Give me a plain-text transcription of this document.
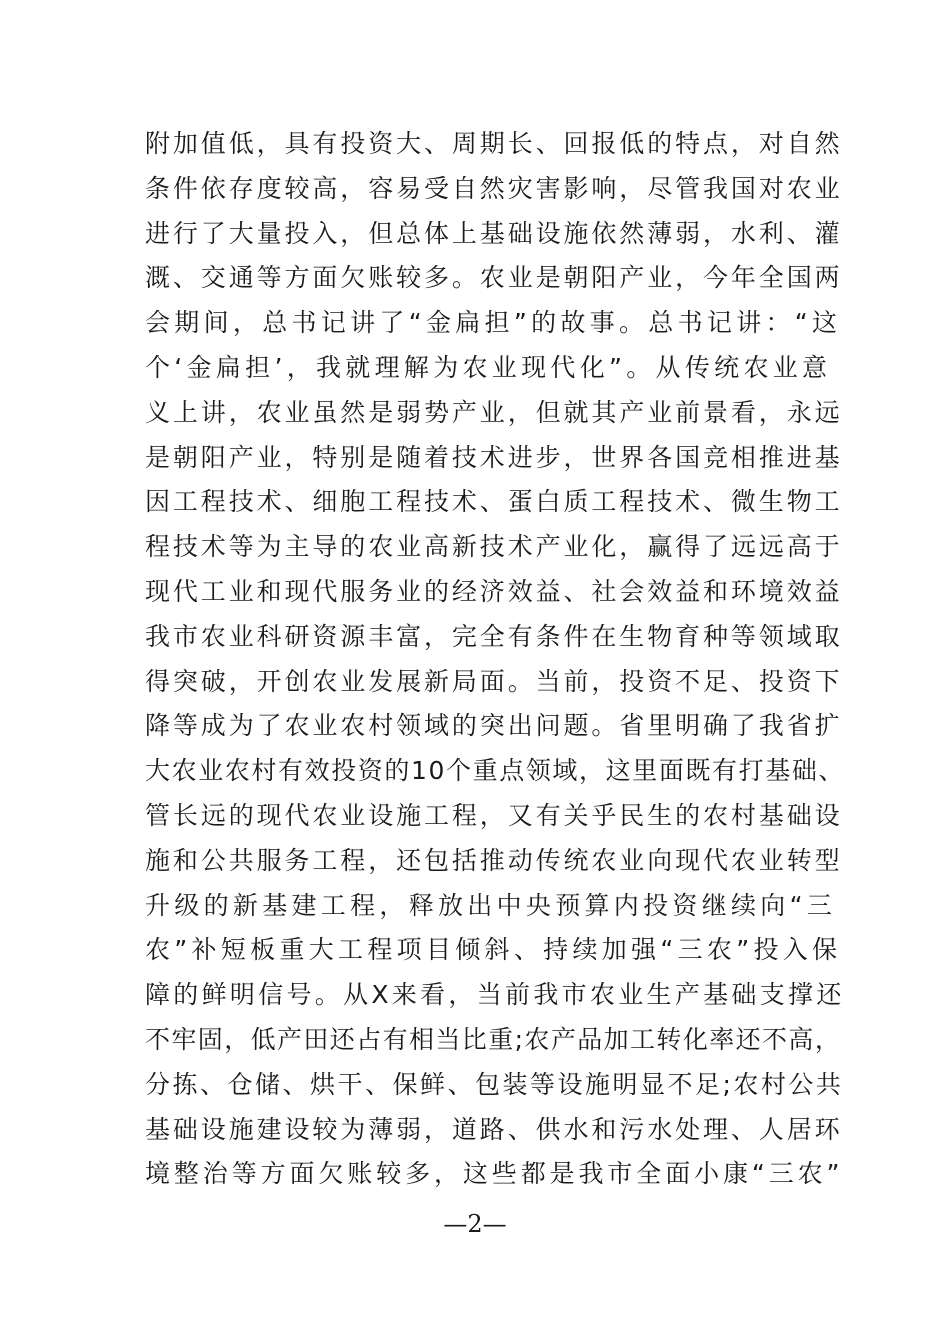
附加值低，具有投资大、周期长、回报低的特点，对自然
条件依存度较高，容易受自然灾害影响，尽管我国对农业
进行了大量投入，但总体上基础设施依然薄弱，水利、灌
溉、交通等方面欠账较多。农业是朝阳产业，今年全国两
会期间，总书记讲了“金扁担”的故事。总书记讲：“这
个‘金扁担’，我就理解为农业现代化”。从传统农业意
义上讲，农业虽然是弱势产业，但就其产业前景看，永远
是朝阳产业，特别是随着技术进步，世界各国竞相推进基
因工程技术、细胞工程技术、蛋白质工程技术、微生物工
程技术等为主导的农业高新技术产业化，赢得了远远高于
现代工业和现代服务业的经济效益、社会效益和环境效益
我市农业科研资源丰富，完全有条件在生物育种等领域取
得突破，开创农业发展新局面。当前，投资不足、投资下
降等成为了农业农村领域的突出问题。省里明确了我省扩
大农业农村有效投资的10个重点领域，这里面既有打基础、
管长远的现代农业设施工程，又有关乎民生的农村基础设
施和公共服务工程，还包括推动传统农业向现代农业转型
升级的新基建工程，释放出中央预算内投资继续向“三
农”补短板重大工程项目倾斜、持续加强“三农”投入保
障的鲜明信号。从X来看，当前我市农业生产基础支撑还
不牢固，低产田还占有相当比重;农产品加工转化率还不高，
分拣、仓储、烘干、保鲜、包装等设施明显不足;农村公共
基础设施建设较为薄弱，道路、供水和污水处理、人居环
境整治等方面欠账较多，这些都是我市全面小康“三农”
—2—
